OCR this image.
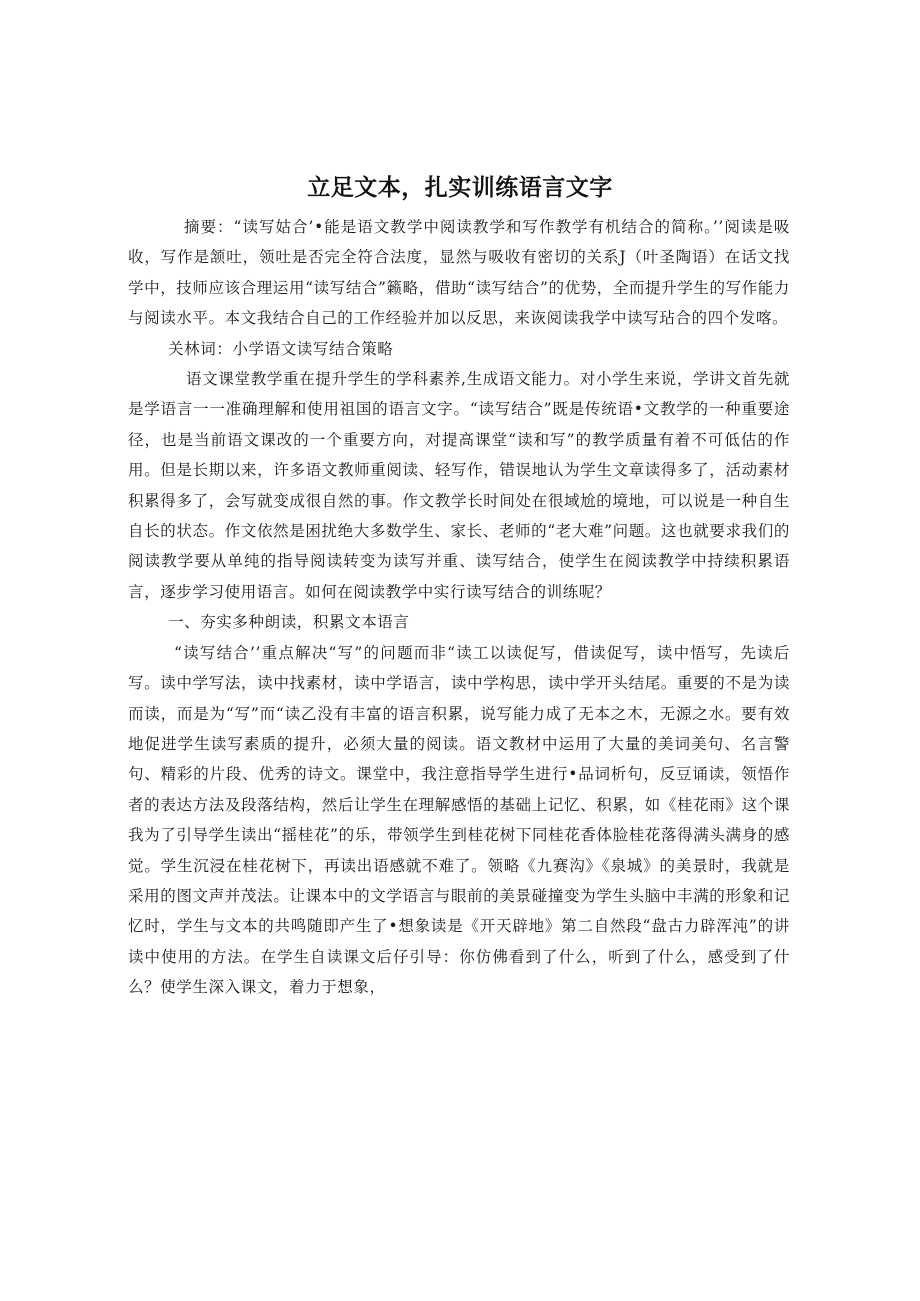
立足文本，扎实训练语言文字

摘要：“读写姑合’•能是语文教学中阅读教学和写作教学有机结合的简称。’’阅读是吸收，写作是颔吐，领吐是否完全符合法度，显然与吸收有密切的关系J（叶圣陶语）在话文找学中，技师应该合理运用“读写结合”籁略，借助“读写结合”的优势，全而提升学生的写作能力与阅读水平。本文我结合自己的工作经验并加以反思，来诙阅读我学中读写玷合的四个发喀。

关林词：小学语文读写结合策略

语文课堂教学重在提升学生的学科素养,生成语文能力。对小学生来说，学讲文首先就是学语言一一准确理解和使用祖国的语言文字。“读写结合”既是传统语•文教学的一种重要途径，也是当前语文课改的一个重要方向，对提高课堂“读和写”的教学质量有着不可低估的作用。但是长期以来，许多语文教师重阅读、轻写作，错误地认为学生文章读得多了，活动素材积累得多了，会写就变成很自然的事。作文教学长时间处在很域尬的境地，可以说是一种自生自长的状态。作文依然是困扰绝大多数学生、家长、老师的“老大难”问题。这也就要求我们的阅读教学要从单纯的指导阅读转变为读写并重、读写结合，使学生在阅读教学中持续积累语言，逐步学习使用语言。如何在阅读教学中实行读写结合的训练呢？

一、夯实多种朗读，积累文本语言

“读写结合’’重点解决“写”的问题而非“读工以读促写，借读促写，读中悟写，先读后写。读中学写法，读中找素材，读中学语言，读中学构思，读中学开头结尾。重要的不是为读而读，而是为“写”而“读乙没有丰富的语言积累，说写能力成了无本之木，无源之水。要有效地促进学生读写素质的提升，必须大量的阅读。语文教材中运用了大量的美词美句、名言警句、精彩的片段、优秀的诗文。课堂中，我注意指导学生进行•品词析句，反豆诵读，领悟作者的表达方法及段落结构，然后让学生在理解感悟的基础上记忆、积累，如《桂花雨》这个课我为了引导学生读出“摇桂花”的乐，带领学生到桂花树下同桂花香体脸桂花落得满头满身的感觉。学生沉浸在桂花树下，再读出语感就不难了。领略《九赛沟》《泉城》的美景时，我就是采用的图文声并茂法。让课本中的文学语言与眼前的美景碰撞变为学生头脑中丰满的形象和记忆时，学生与文本的共鸣随即产生了•想象读是《开天辟地》第二自然段“盘古力辟浑沌”的讲读中使用的方法。在学生自读课文后仔引导：你仿佛看到了什么，听到了什么，感受到了什么？使学生深入课文，着力于想象，
